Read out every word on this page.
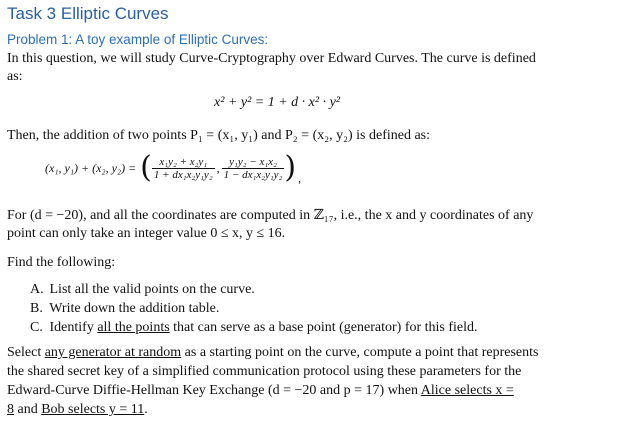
Task 3 Elliptic Curves
Problem 1: A toy example of Elliptic Curves:
In this question, we will study Curve-Cryptography over Edward Curves. The curve is defined
as:
x² + y² = 1 + d · x² · y²
Then, the addition of two points P₁ = (x₁, y₁) and P₂ = (x₂, y₂) is defined as:
(x₁, y₁) + (x₂, y₂) = ( $\frac{\text{x₁y₂ + x₂y₁}}{\text{1 + dx₁x₂y₁y₂}}$ , $\frac{\text{y₁y₂ − x₁x₂}}{\text{1 − dx₁x₂y₁y₂}}$ ) ,
For (d = −20), and all the coordinates are computed in ℤ₁₇, i.e., the x and y coordinates of any
point can only take an integer value 0 ≤ x, y ≤ 16.
Find the following:
A. List all the valid points on the curve.
B. Write down the addition table.
C. Identify all the points that can serve as a base point (generator) for this field.
Select any generator at random as a starting point on the curve, compute a point that represents
the shared secret key of a simplified communication protocol using these parameters for the
Edward-Curve Diffie-Hellman Key Exchange (d = −20 and p = 17) when Alice selects x =
8 and Bob selects y = 11.
